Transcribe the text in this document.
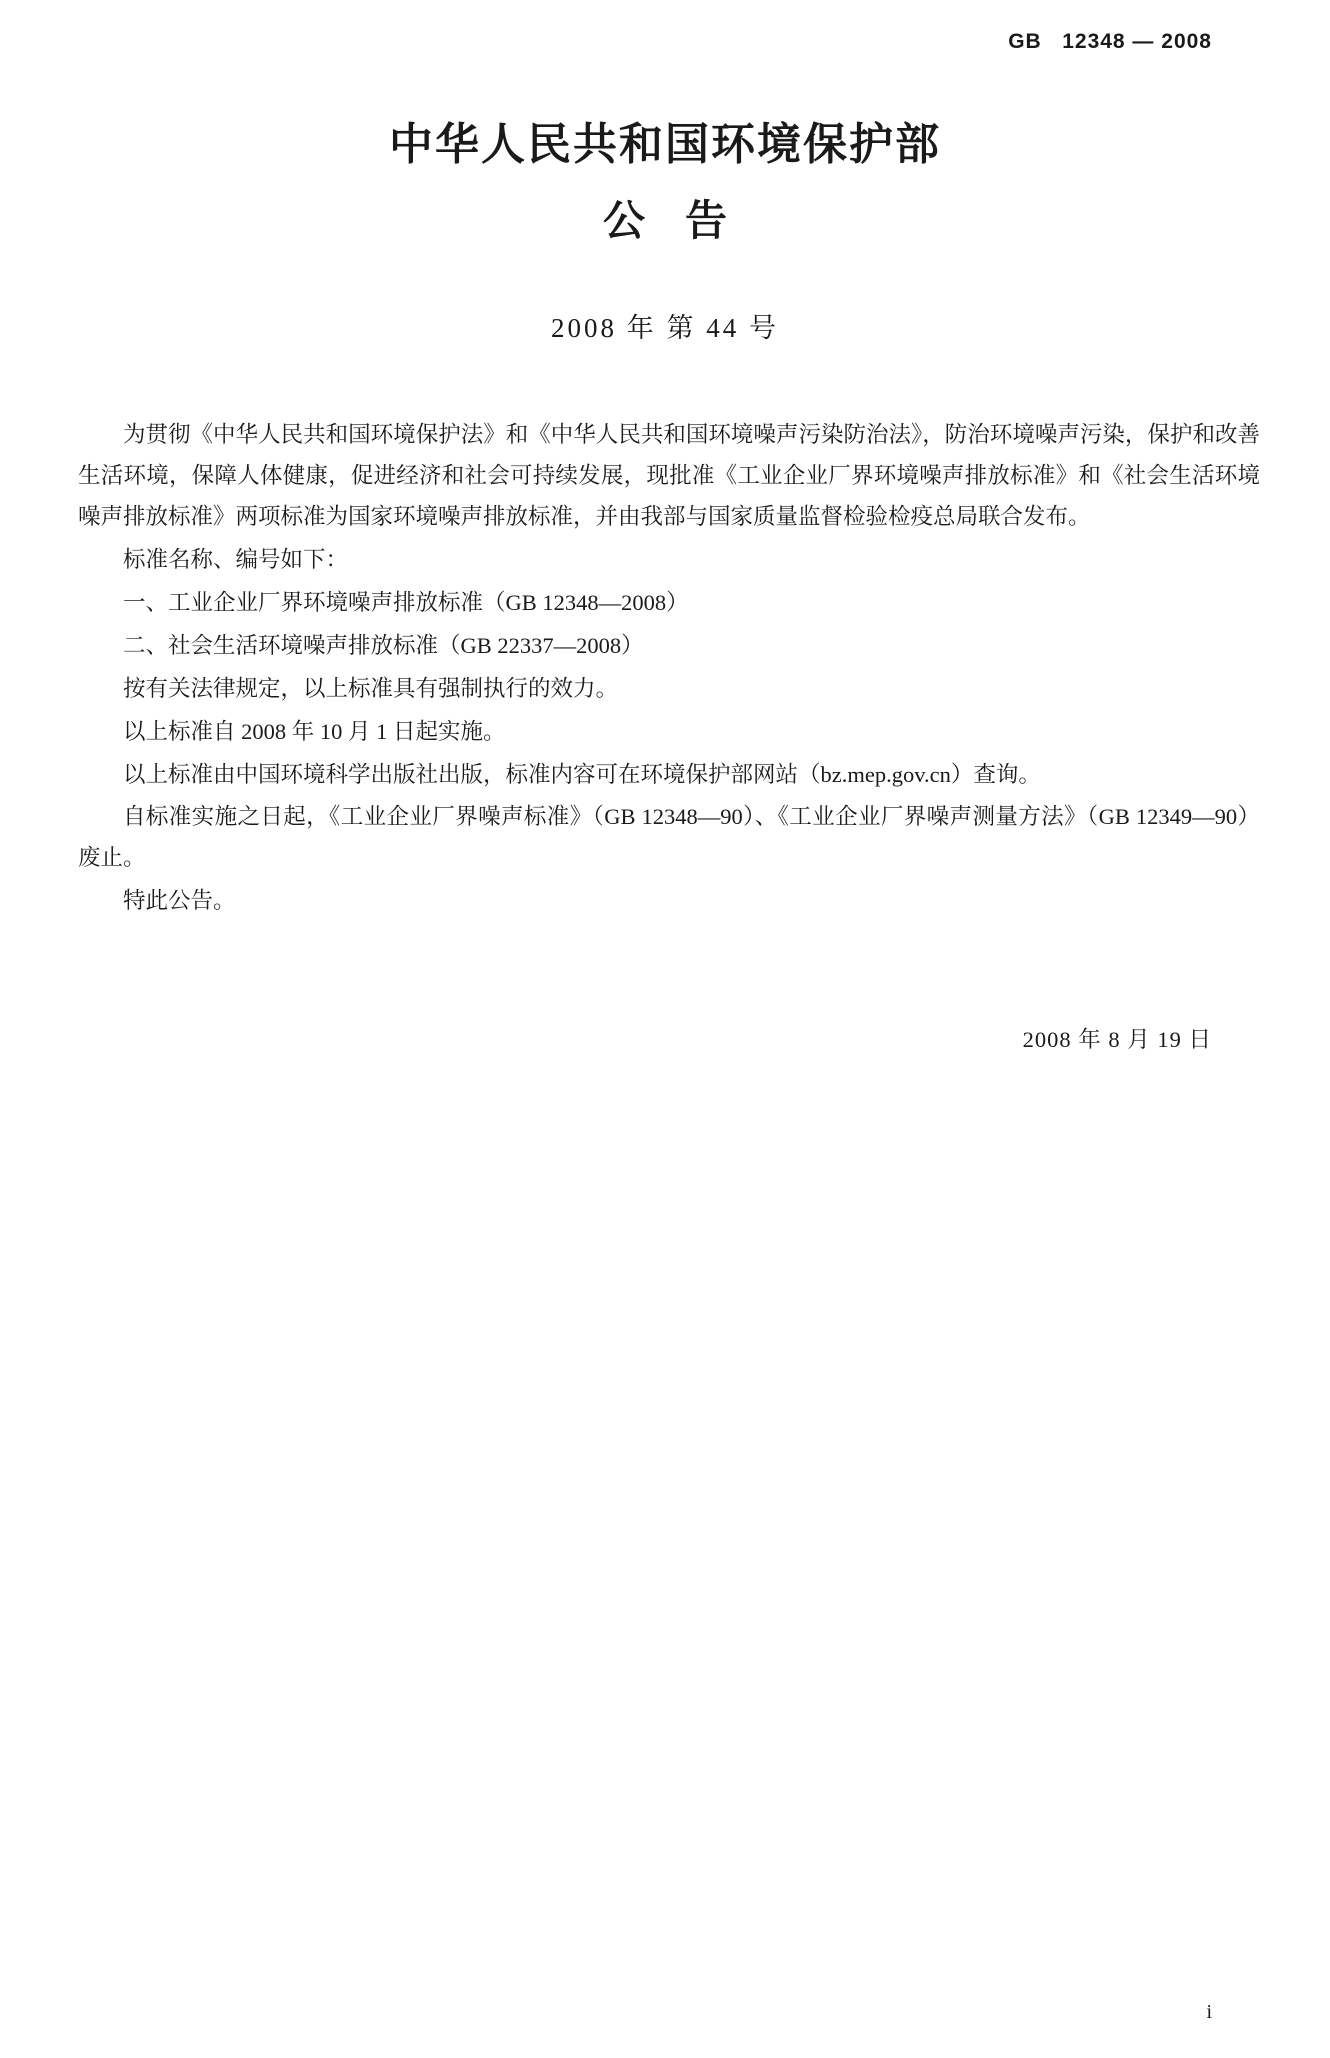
GB   12348 — 2008
中华人民共和国环境保护部
公告
2008 年 第 44 号

为贯彻《中华人民共和国环境保护法》和《中华人民共和国环境噪声污染防治法》，防治环境噪声污染，保护和改善生活环境，保障人体健康，促进经济和社会可持续发展，现批准《工业企业厂界环境噪声排放标准》和《社会生活环境噪声排放标准》两项标准为国家环境噪声排放标准，并由我部与国家质量监督检验检疫总局联合发布。

标准名称、编号如下：

一、工业企业厂界环境噪声排放标准（GB 12348—2008）

二、社会生活环境噪声排放标准（GB 22337—2008）

按有关法律规定，以上标准具有强制执行的效力。

以上标准自 2008 年 10 月 1 日起实施。

以上标准由中国环境科学出版社出版，标准内容可在环境保护部网站（bz.mep.gov.cn）查询。

自标准实施之日起，《工业企业厂界噪声标准》（GB 12348—90）、《工业企业厂界噪声测量方法》（GB 12349—90）废止。

特此公告。

2008 年 8 月 19 日
i
